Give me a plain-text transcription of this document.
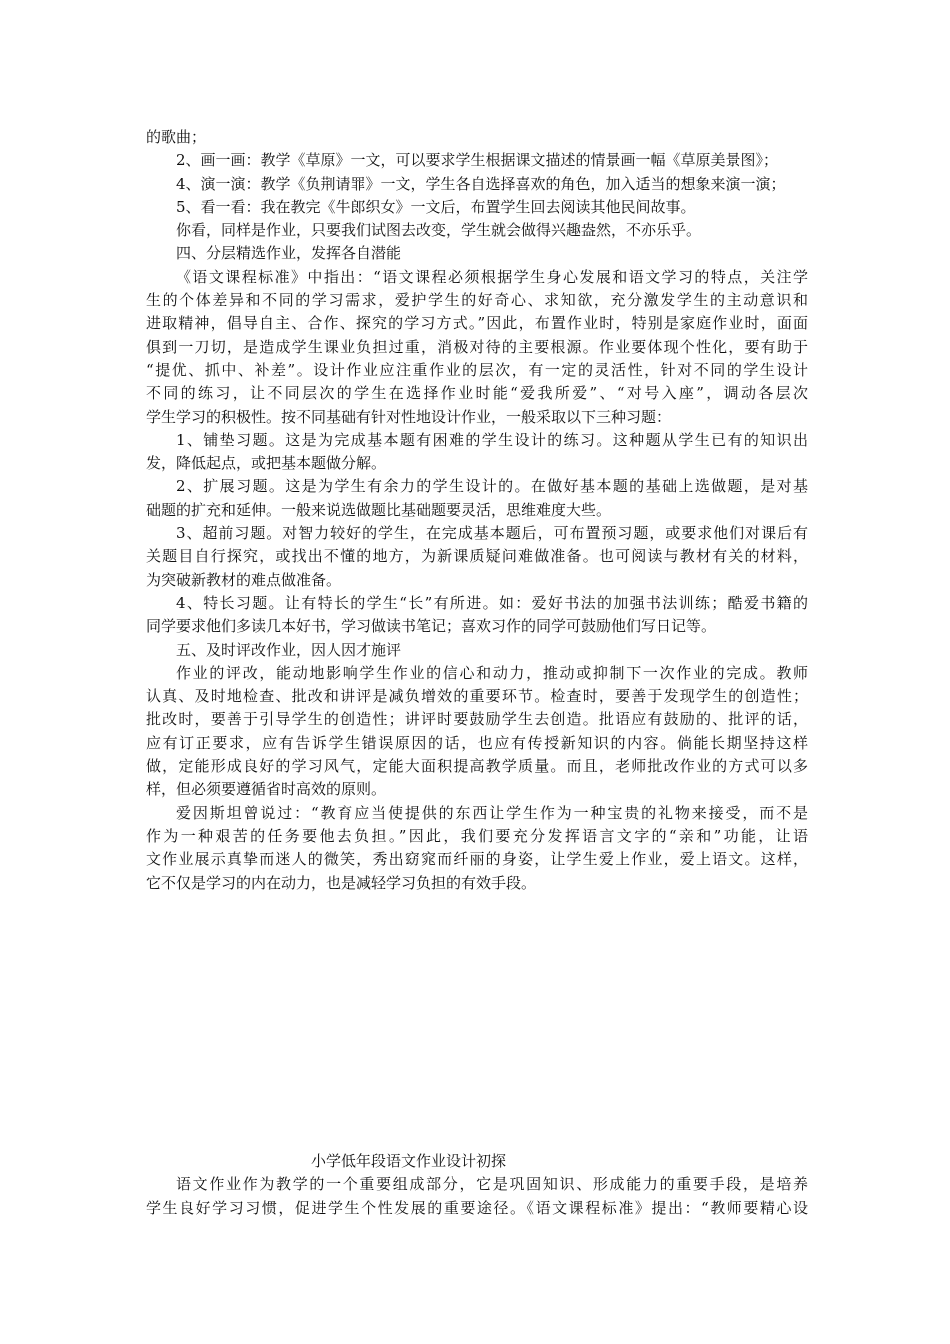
的歌曲；
2、画一画：教学《草原》一文，可以要求学生根据课文描述的情景画一幅《草原美景图》；
4、演一演：教学《负荆请罪》一文，学生各自选择喜欢的角色，加入适当的想象来演一演；
5、看一看：我在教完《牛郎织女》一文后，布置学生回去阅读其他民间故事。
你看，同样是作业，只要我们试图去改变，学生就会做得兴趣盎然，不亦乐乎。
四、分层精选作业，发挥各自潜能
《语文课程标准》中指出：“语文课程必须根据学生身心发展和语文学习的特点，关注学
生的个体差异和不同的学习需求，爱护学生的好奇心、求知欲，充分激发学生的主动意识和
进取精神，倡导自主、合作、探究的学习方式。”因此，布置作业时，特别是家庭作业时，面面
俱到一刀切，是造成学生课业负担过重，消极对待的主要根源。作业要体现个性化，要有助于
“提优、抓中、补差”。设计作业应注重作业的层次，有一定的灵活性，针对不同的学生设计
不同的练习，让不同层次的学生在选择作业时能“爱我所爱”、“对号入座”，调动各层次
学生学习的积极性。按不同基础有针对性地设计作业，一般采取以下三种习题：
1、铺垫习题。这是为完成基本题有困难的学生设计的练习。这种题从学生已有的知识出
发，降低起点，或把基本题做分解。
2、扩展习题。这是为学生有余力的学生设计的。在做好基本题的基础上选做题，是对基
础题的扩充和延伸。一般来说选做题比基础题要灵活，思维难度大些。
3、超前习题。对智力较好的学生，在完成基本题后，可布置预习题，或要求他们对课后有
关题目自行探究，或找出不懂的地方，为新课质疑问难做准备。也可阅读与教材有关的材料，
为突破新教材的难点做准备。
4、特长习题。让有特长的学生“长”有所进。如：爱好书法的加强书法训练；酷爱书籍的
同学要求他们多读几本好书，学习做读书笔记；喜欢习作的同学可鼓励他们写日记等。
五、及时评改作业，因人因才施评
作业的评改，能动地影响学生作业的信心和动力，推动或抑制下一次作业的完成。教师
认真、及时地检查、批改和讲评是减负增效的重要环节。检查时，要善于发现学生的创造性；
批改时，要善于引导学生的创造性；讲评时要鼓励学生去创造。批语应有鼓励的、批评的话，
应有订正要求，应有告诉学生错误原因的话，也应有传授新知识的内容。倘能长期坚持这样
做，定能形成良好的学习风气，定能大面积提高教学质量。而且，老师批改作业的方式可以多
样，但必须要遵循省时高效的原则。
爱因斯坦曾说过：“教育应当使提供的东西让学生作为一种宝贵的礼物来接受，而不是
作为一种艰苦的任务要他去负担。”因此，我们要充分发挥语言文字的“亲和”功能，让语
文作业展示真挚而迷人的微笑，秀出窈窕而纤丽的身姿，让学生爱上作业，爱上语文。这样，
它不仅是学习的内在动力，也是减轻学习负担的有效手段。
小学低年段语文作业设计初探
语文作业作为教学的一个重要组成部分，它是巩固知识、形成能力的重要手段，是培养
学生良好学习习惯，促进学生个性发展的重要途径。《语文课程标准》提出：“教师要精心设
